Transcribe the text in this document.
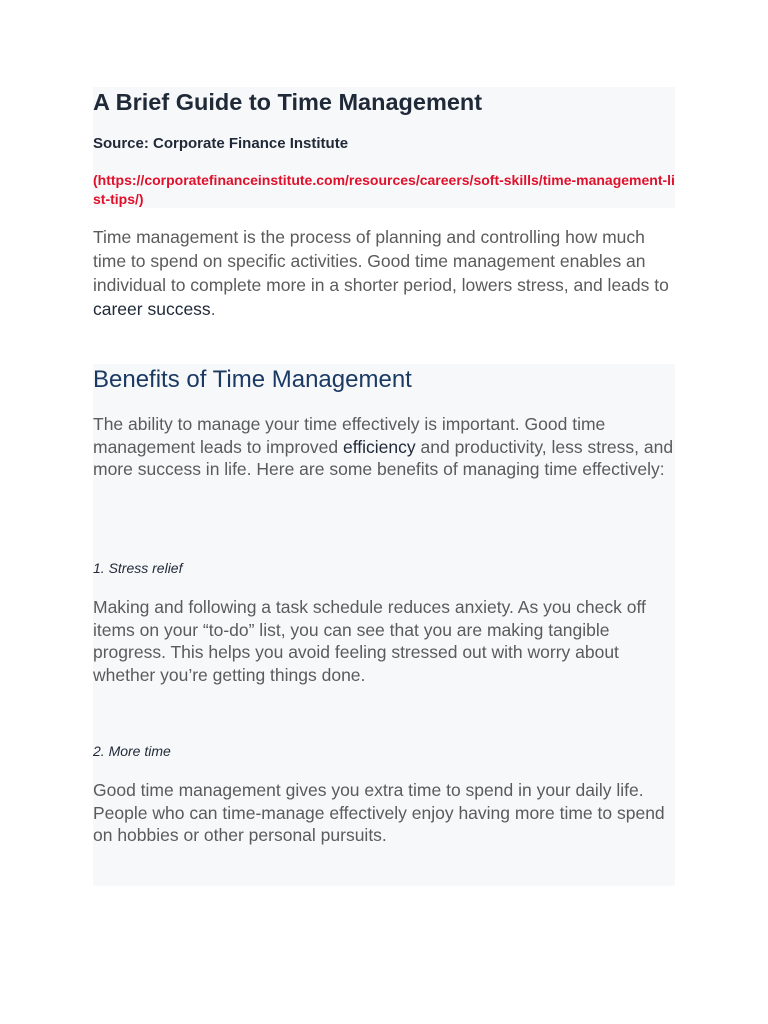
A Brief Guide to Time Management
Source: Corporate Finance Institute
(https://corporatefinanceinstitute.com/resources/careers/soft-skills/time-management-list-tips/)

Time management is the process of planning and controlling how much time to spend on specific activities. Good time management enables an individual to complete more in a shorter period, lowers stress, and leads to career success.

Benefits of Time Management

The ability to manage your time effectively is important. Good time management leads to improved efficiency and productivity, less stress, and more success in life. Here are some benefits of managing time effectively:

1. Stress relief

Making and following a task schedule reduces anxiety. As you check off items on your “to-do” list, you can see that you are making tangible progress. This helps you avoid feeling stressed out with worry about whether you’re getting things done.

2. More time

Good time management gives you extra time to spend in your daily life. People who can time-manage effectively enjoy having more time to spend on hobbies or other personal pursuits.
